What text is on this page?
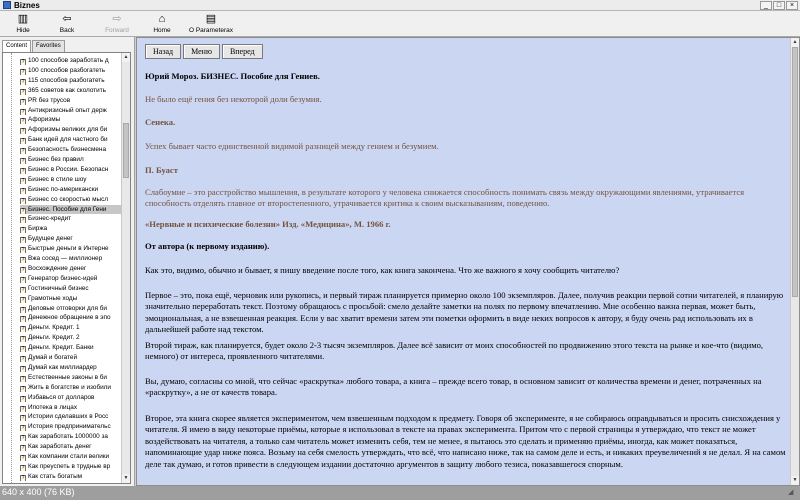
Biznes	_	□	×
▥
Hide
⇦
Back
⇨
Forward
⌂
Home
▤
O Parameterax
Content	Favorites
▲
▼
? 100 способов заработать д
? 100 способов разбогатеть
? 115 способов разбогатеть
? 365 советов как сколотить
? PR без трусов
? Антикризисный опыт держ
? Афоризмы
? Афоризмы великих для би
? Банк идей для частного би
? Безопасность бизнесмена
? Бизнес без правил
? Бизнес в России. Безопасн
? Бизнес в стиле шоу
? Бизнес по-американски
? Бизнес со скоростью мысл
? Бизнес. Пособие для Гени
? Бизнес-кредит
? Биржа
? Будущее денег
? Быстрые деньги в Интерне
? Вжа сосед — миллионер
? Восхождение денег
? Генератор бизнес-идей
? Гостиничный бизнес
? Грамотные ходы
? Деловые отговорки для би
? Денежное обращение в эпо
? Деньги. Кредит. 1
? Деньги. Кредит. 2
? Деньги. Кредит. Банки
? Думай и богатей
? Думай как миллиардер
? Естественные законы в би
? Жить в богатстве и изобили
? Избавься от долларов
? Ипотека в лицах
? Истории сделавших в Росс
? История предпринимательс
? Как заработать 1000000 за
? Как заработать денег
? Как компании стали велики
? Как преуспеть в трудные вр
? Как стать богатым
Назад	Меню	Вперед

Юрий Мороз. БИЗНЕС. Пособие для Гениев.

Не было ещё гения без некоторой доли безумия.

Сенека.

Успех бывает часто единственной видимой разницей между гением и безумием.

П. Буаст

Слабоумие – это расстройство мышления, в результате которого у человека снижается способность понимать связь между окружающими явлениями, утрачивается способность отделять главное от второстепенного, утрачивается критика к своим высказываниям, поведению.

«Нервные и психические болезни» Изд. «Медицина», М. 1966 г.

От автора (к первому изданию).

Как это, видимо, обычно и бывает, я пишу введение после того, как книга закончена. Что же важного я хочу сообщить читателю?

Первое – это, пока ещё, черновик или рукопись, и первый тираж планируется примерно около 100 экземпляров. Далее, получив реакции первой сотни читателей, я планирую значительно переработать текст. Поэтому обращаюсь с просьбой: смело делайте заметки на полях по первому впечатлению. Мне особенно важна первая, может быть, эмоциональная, а не взвешенная реакция. Если у вас хватит времени затем эти пометки оформить в виде неких вопросов к автору, я буду очень рад использовать их в дальнейшей работе над текстом.

Второй тираж, как планируется, будет около 2-3 тысяч экземпляров. Далее всё зависит от моих способностей по продвижению этого текста на рынке и кое-что (видимо, немного) от интереса, проявленного читателями.

Вы, думаю, согласны со мной, что сейчас «раскрутка» любого товара, а книга – прежде всего товар, в основном зависит от количества времени и денег, потраченных на «раскрутку», а не от качеств товара.

Второе, эта книга скорее является экспериментом, чем взвешенным подходом к предмету. Говоря об эксперименте, я не собираюсь оправдываться и просить снисхождения у читателя. Я имею в виду некоторые приёмы, которые я использовал в тексте на правах эксперимента. Притом что с первой страницы я утверждаю, что текст не может воздействовать на читателя, а только сам читатель может изменить себя, тем не менее, я пытаюсь это сделать и применяю приёмы, иногда, как может показаться, напоминающие удар ниже пояса. Возьму на себя смелость утверждать, что всё, что написано ниже, так на самом деле и есть, и никаких преувеличений я не делал. Я на самом деле так думаю, и готов привести в следующем издании достаточно аргументов в защиту любого тезиса, показавшегося спорным.

▲
▼
640 x 400 (76 KB)	◢
